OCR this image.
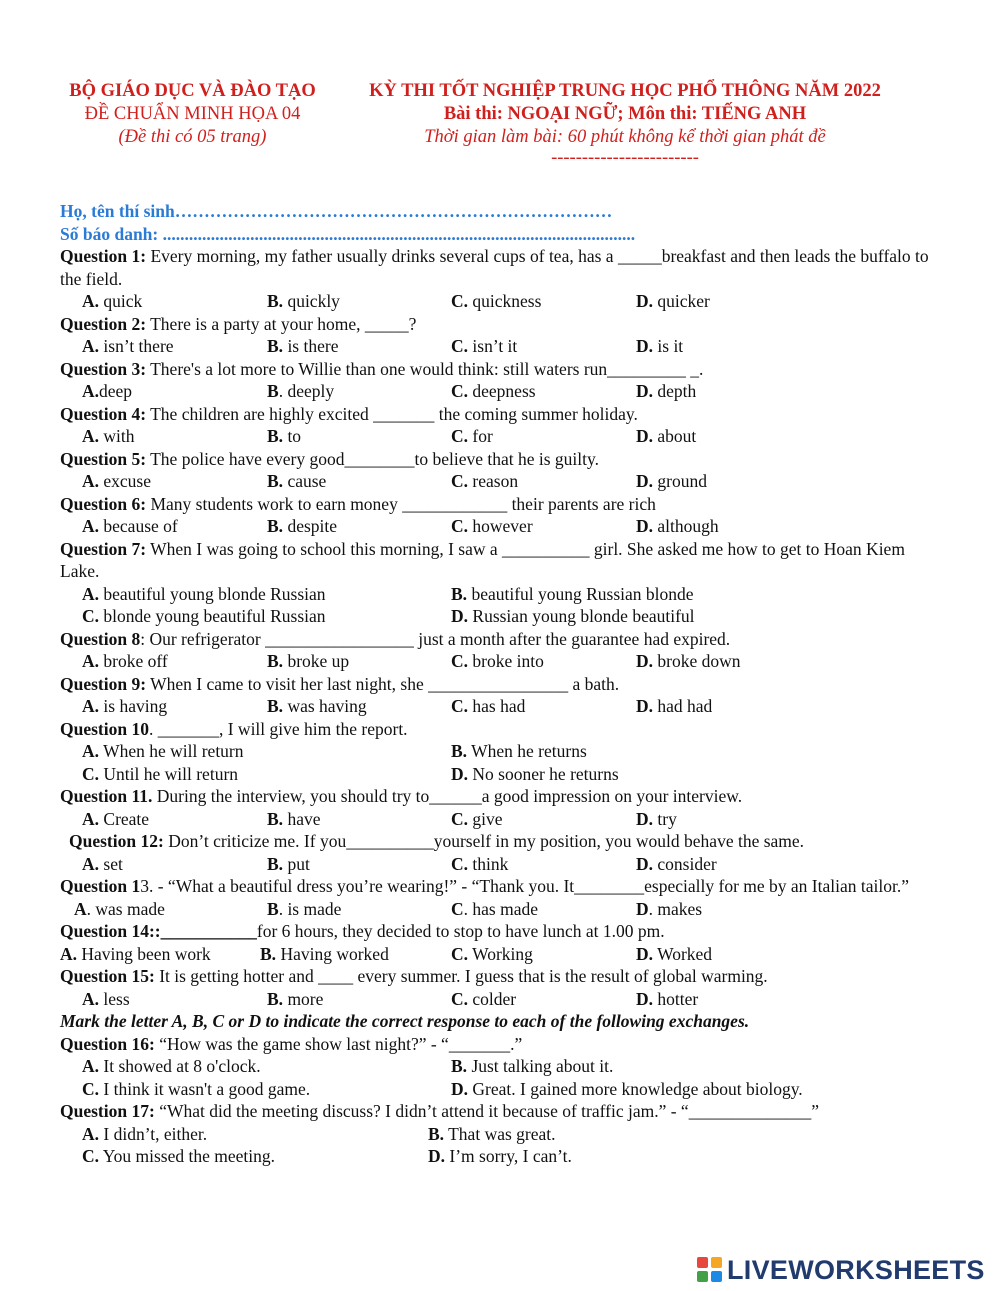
BỘ GIÁO DỤC VÀ ĐÀO TẠO
ĐỀ CHUẨN MINH HỌA 04
(Đề thi có 05 trang)
KỲ THI TỐT NGHIỆP TRUNG HỌC PHỔ THÔNG NĂM 2022
Bài thi: NGOẠI NGỮ; Môn thi: TIẾNG ANH
Thời gian làm bài: 60 phút không kể thời gian phát đề
------------------------
Họ, tên thí sinh…………………………………………………………………
Số báo danh: ............................................................................................................
Question 1: Every morning, my father usually drinks several cups of tea, has a _____breakfast and then leads the buffalo to the field.
A. quick	B. quickly	C. quickness	D. quicker
Question 2: There is a party at your home, _____?
A. isn’t there	B. is there	C. isn’t it	D. is it
Question 3: There's a lot more to Willie than one would think: still waters run_________ _.
A.deep	B. deeply	C. deepness	D. depth
Question 4: The children are highly excited _______ the coming summer holiday.
A. with	B. to	C. for	D. about
Question 5: The police have every good________to believe that he is guilty.
A. excuse	B. cause	C. reason	D. ground
Question 6: Many students work to earn money ____________ their parents are rich
A. because of	B. despite	C. however	D. although
Question 7: When I was going to school this morning, I saw a __________ girl. She asked me how to get to Hoan Kiem Lake.
A. beautiful young blonde Russian	B. beautiful young Russian blonde
C. blonde young beautiful Russian	D. Russian young blonde beautiful
Question 8: Our refrigerator _________________ just a month after the guarantee had expired.
A. broke off	B. broke up	C. broke into	D. broke down
Question 9: When I came to visit her last night, she ________________ a bath.
A. is having	B. was having	C. has had	D. had had
Question 10. _______, I will give him the report.
A. When he will return	B. When he returns
C. Until he will return	D. No sooner he returns
Question 11. During the interview, you should try to______a good impression on your interview.
A. Create	B. have	C. give	D. try
Question 12: Don’t criticize me. If you__________yourself in my position, you would behave the same.
A. set	B. put	C. think	D. consider
Question 13. - “What a beautiful dress you’re wearing!” - “Thank you. It________especially for me by an Italian tailor.”
A. was made	B. is made	C. has made	D. makes
Question 14::___________for 6 hours, they decided to stop to have lunch at 1.00 pm.
A. Having been work	B. Having worked	C. Working	D. Worked
Question 15: It is getting hotter and ____ every summer. I guess that is the result of global warming.
A. less	B. more	C. colder	D. hotter
Mark the letter A, B, C or D to indicate the correct response to each of the following exchanges.
Question 16: “How was the game show last night?” - “_______.”
A. It showed at 8 o'clock.	B. Just talking about it.
C. I think it wasn't a good game.	D. Great. I gained more knowledge about biology.
Question 17: “What did the meeting discuss? I didn’t attend it because of traffic jam.” - “______________”
A. I didn’t, either.	B. That was great.
C. You missed the meeting.	D. I’m sorry, I can’t.
LIVEWORKSHEETS
